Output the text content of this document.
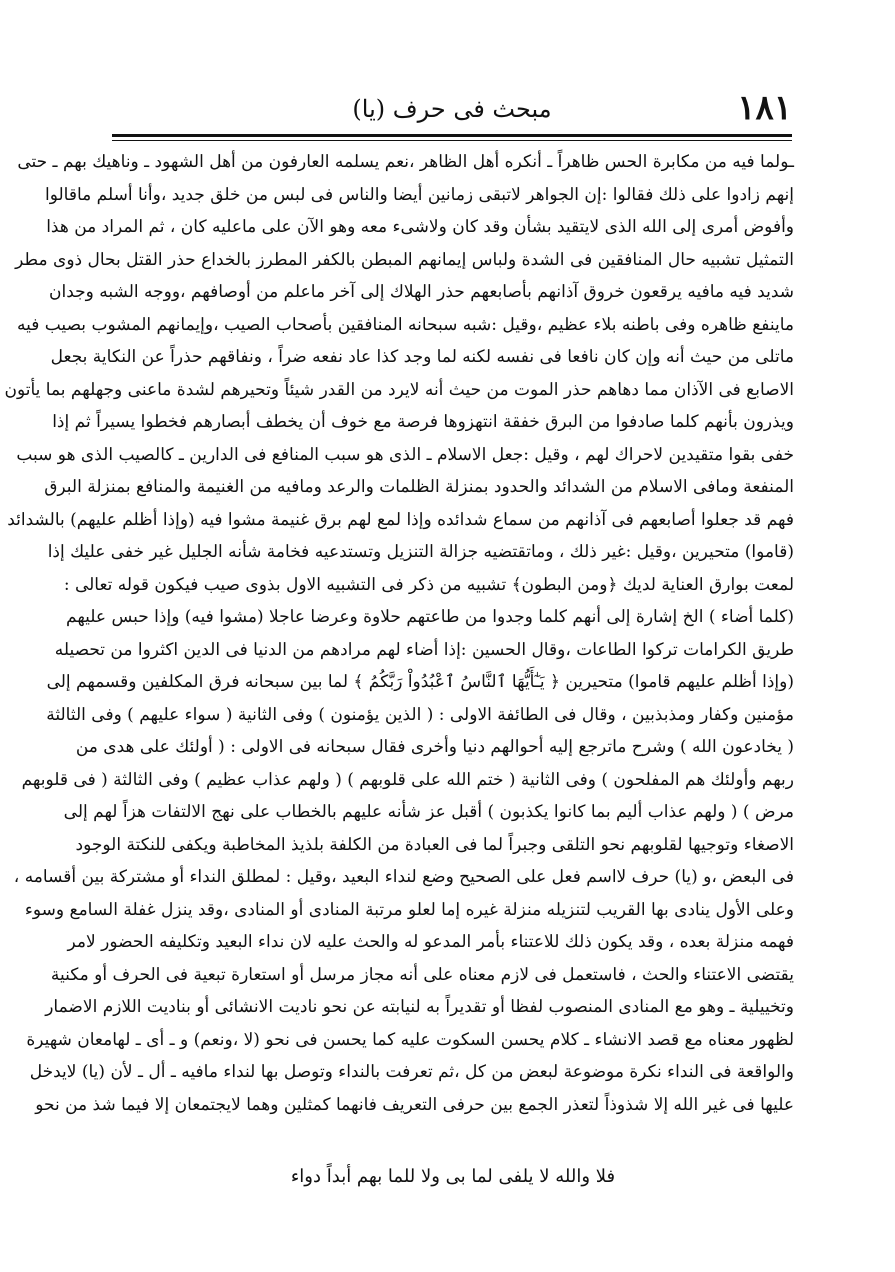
١٨١
مبحث فى حرف (يا)
ـولما فيه من مكابرة الحس ظاهراً ـ أنكره أهل الظاهر ،نعم يسلمه العارفون من أهل الشهود ـ وناهيك بهم ـ حتى
إنهم زادوا على ذلك فقالوا :إن الجواهر لاتبقى زمانين أيضا والناس فى لبس من خلق جديد ،وأنا أسلم ماقالوا
وأفوض أمرى إلى الله الذى لايتقيد بشأن وقد كان ولاشىء معه وهو الآن على ماعليه كان ، ثم المراد من هذا
التمثيل تشبيه حال المنافقين فى الشدة ولباس إيمانهم المبطن بالكفر المطرز بالخداع حذر القتل بحال ذوى مطر
شديد فيه مافيه يرقعون خروق آذانهم بأصابعهم حذر الهلاك إلى آخر ماعلم من أوصافهم ،ووجه الشبه وجدان
ماينفع ظاهره وفى باطنه بلاء عظيم ،وقيل :شبه سبحانه المنافقين بأصحاب الصيب ،وإيمانهم المشوب بصيب فيه
ماتلى من حيث أنه وإن كان نافعا فى نفسه لكنه لما وجد كذا عاد نفعه ضراً ، ونفاقهم حذراً عن النكاية بجعل
الاصابع فى الآذان مما دهاهم حذر الموت من حيث أنه لايرد من القدر شيئاً وتحيرهم لشدة ماعنى وجهلهم بما يأتون
ويذرون بأنهم كلما صادفوا من البرق خفقة انتهزوها فرصة مع خوف أن يخطف أبصارهم فخطوا يسيراً ثم إذا
خفى بقوا متقيدين لاحراك لهم ، وقيل :جعل الاسلام ـ الذى هو سبب المنافع فى الدارين ـ كالصيب الذى هو سبب
المنفعة ومافى الاسلام من الشدائد والحدود بمنزلة الظلمات والرعد ومافيه من الغنيمة والمنافع بمنزلة البرق
فهم قد جعلوا أصابعهم فى آذانهم من سماع شدائده وإذا لمع لهم برق غنيمة مشوا فيه (وإذا أظلم عليهم) بالشدائد
(قاموا) متحيرين ،وقيل :غير ذلك ، وماتقتضيه جزالة التنزيل وتستدعيه فخامة شأنه الجليل غير خفى عليك إذا
لمعت بوارق العناية لديك ﴿ومن البطون﴾ تشبيه من ذكر فى التشبيه الاول بذوى صيب فيكون قوله تعالى :
(كلما أضاء ) الخ إشارة إلى أنهم كلما وجدوا من طاعتهم حلاوة وعرضا عاجلا (مشوا فيه) وإذا حبس عليهم
طريق الكرامات تركوا الطاعات ،وقال الحسين :إذا أضاء لهم مرادهم من الدنيا فى الدين اكثروا من تحصيله
(وإذا أظلم عليهم قاموا) متحيرين ﴿ يَـٰٓأَيُّهَا ٱلنَّاسُ ٱعْبُدُواْ رَبَّكُمُ ﴾ لما بين سبحانه فرق المكلفين وقسمهم إلى
مؤمنين وكفار ومذبذبين ، وقال فى الطائفة الاولى : ( الذين يؤمنون ) وفى الثانية ( سواء عليهم ) وفى الثالثة
( يخادعون الله ) وشرح ماترجع إليه أحوالهم دنيا وأخرى فقال سبحانه فى الاولى : ( أولئك على هدى من
ربهم وأولئك هم المفلحون ) وفى الثانية ( ختم الله على قلوبهم ) ( ولهم عذاب عظيم ) وفى الثالثة ( فى قلوبهم
مرض ) ( ولهم عذاب أليم بما كانوا يكذبون ) أقبل عز شأنه عليهم بالخطاب على نهج الالتفات هزاً لهم إلى
الاصغاء وتوجيها لقلوبهم نحو التلقى وجبراً لما فى العبادة من الكلفة بلذيذ المخاطبة ويكفى للنكتة الوجود
فى البعض ،و (يا) حرف لااسم فعل على الصحيح وضع لنداء البعيد ،وقيل : لمطلق النداء أو مشتركة بين أقسامه ،
وعلى الأول ينادى بها القريب لتنزيله منزلة غيره إما لعلو مرتبة المنادى أو المنادى ،وقد ينزل غفلة السامع وسوء
فهمه منزلة بعده ، وقد يكون ذلك للاعتناء بأمر المدعو له والحث عليه لان نداء البعيد وتكليفه الحضور لامر
يقتضى الاعتناء والحث ، فاستعمل فى لازم معناه على أنه مجاز مرسل أو استعارة تبعية فى الحرف أو مكنية
وتخييلية ـ وهو مع المنادى المنصوب لفظا أو تقديراً به لنيابته عن نحو ناديت الانشائى أو بناديت اللازم الاضمار
لظهور معناه مع قصد الانشاء ـ كلام يحسن السكوت عليه كما يحسن فى نحو (لا ،ونعم) و ـ أى ـ لهامعان شهيرة
والواقعة فى النداء نكرة موضوعة لبعض من كل ،ثم تعرفت بالنداء وتوصل بها لنداء مافيه ـ أل ـ لأن (يا) لايدخل
عليها فى غير الله إلا شذوذاً لتعذر الجمع بين حرفى التعريف فانهما كمثلين وهما لايجتمعان إلا فيما شذ من نحو
فلا والله لا يلفى لما بى ولا للما بهم أبداً دواء
